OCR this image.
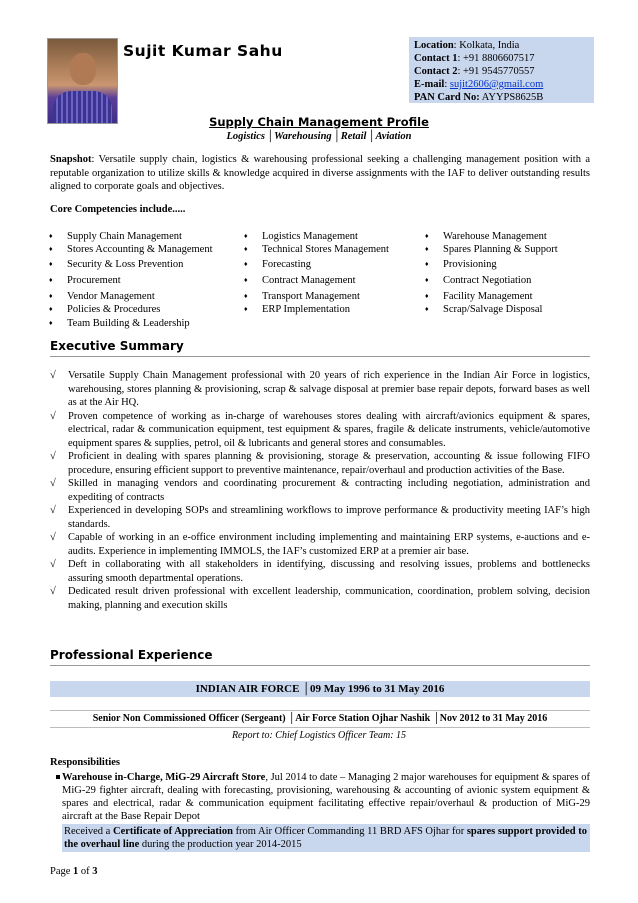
Sujit Kumar Sahu	Location: Kolkata, India
Contact 1: +91 8806607517
Contact 2: +91 9545770557
E-mail: sujit2606@gmail.com
PAN Card No: AYYPS8625B
Supply Chain Management Profile
Logistics │Warehousing │Retail │Aviation
Snapshot: Versatile supply chain, logistics & warehousing professional seeking a challenging management position with a reputable organization to utilize skills & knowledge acquired in diverse assignments with the IAF to deliver outstanding results aligned to corporate goals and objectives.
Core Competencies include.....
♦ Supply Chain Management
♦ Stores Accounting & Management
♦ Security & Loss Prevention
♦ Procurement
♦ Vendor Management
♦ Policies & Procedures
♦ Team Building & Leadership
♦ Logistics Management
♦ Technical Stores Management
♦ Forecasting
♦ Contract Management
♦ Transport Management
♦ ERP Implementation
♦ Warehouse Management
♦ Spares Planning & Support
♦ Provisioning
♦ Contract Negotiation
♦ Facility Management
♦ Scrap/Salvage Disposal
Executive Summary
√ Versatile Supply Chain Management professional with 20 years of rich experience in the Indian Air Force in logistics, warehousing, stores planning & provisioning, scrap & salvage disposal at premier base repair depots, forward bases as well as at the Air HQ.
√ Proven competence of working as in-charge of warehouses stores dealing with aircraft/avionics equipment & spares, electrical, radar & communication equipment, test equipment & spares, fragile & delicate instruments, vehicle/automotive equipment spares & supplies, petrol, oil & lubricants and general stores and consumables.
√ Proficient in dealing with spares planning & provisioning, storage & preservation, accounting & issue following FIFO procedure, ensuring efficient support to preventive maintenance, repair/overhaul and production activities of the Base.
√ Skilled in managing vendors and coordinating procurement & contracting including negotiation, administration and expediting of contracts
√ Experienced in developing SOPs and streamlining workflows to improve performance & productivity meeting IAF’s high standards.
√ Capable of working in an e-office environment including implementing and maintaining ERP systems, e-auctions and e-audits. Experience in implementing IMMOLS, the IAF’s customized ERP at a premier air base.
√ Deft in collaborating with all stakeholders in identifying, discussing and resolving issues, problems and bottlenecks assuring smooth departmental operations.
√ Dedicated result driven professional with excellent leadership, communication, coordination, problem solving, decision making, planning and execution skills
Professional Experience
INDIAN AIR FORCE │09 May 1996 to 31 May 2016
Senior Non Commissioned Officer (Sergeant) │Air Force Station Ojhar Nashik │Nov 2012 to 31 May 2016
Report to: Chief Logistics Officer Team: 15
Responsibilities
Warehouse in-Charge, MiG-29 Aircraft Store, Jul 2014 to date – Managing 2 major warehouses for equipment & spares of MiG-29 fighter aircraft, dealing with forecasting, provisioning, warehousing & accounting of avionic system equipment & spares and electrical, radar & communication equipment facilitating effective repair/overhaul & production of MiG-29 aircraft at the Base Repair Depot
Received a Certificate of Appreciation from Air Officer Commanding 11 BRD AFS Ojhar for spares support provided to the overhaul line during the production year 2014-2015
Page 1 of 3
